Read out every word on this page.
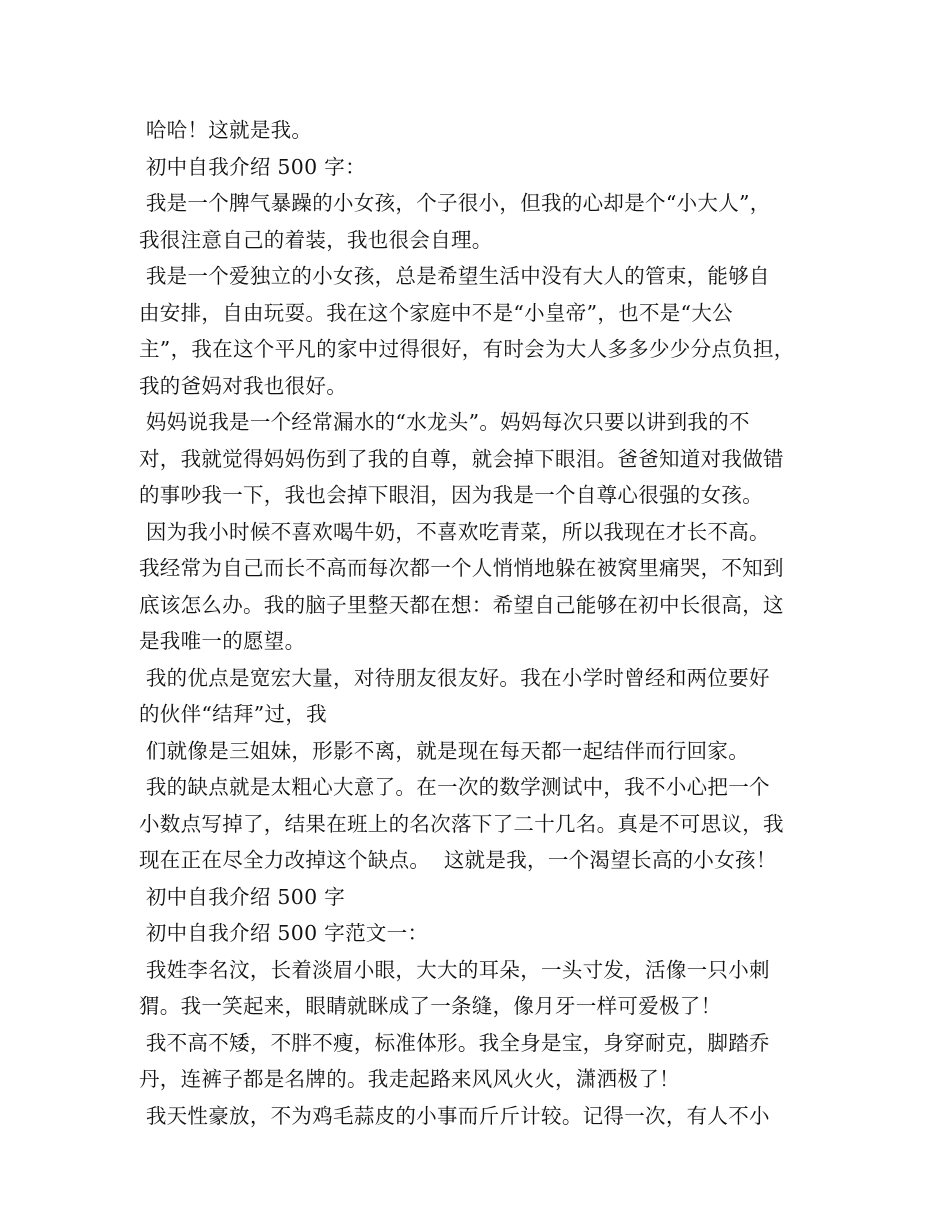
哈哈！这就是我。
初中自我介绍 500 字：
我是一个脾气暴躁的小女孩，个子很小，但我的心却是个“小大人”，
我很注意自己的着装，我也很会自理。
我是一个爱独立的小女孩，总是希望生活中没有大人的管束，能够自
由安排，自由玩耍。我在这个家庭中不是“小皇帝”，也不是“大公
主”，我在这个平凡的家中过得很好，有时会为大人多多少少分点负担，
我的爸妈对我也很好。
妈妈说我是一个经常漏水的“水龙头”。妈妈每次只要以讲到我的不
对，我就觉得妈妈伤到了我的自尊，就会掉下眼泪。爸爸知道对我做错
的事吵我一下，我也会掉下眼泪，因为我是一个自尊心很强的女孩。
因为我小时候不喜欢喝牛奶，不喜欢吃青菜，所以我现在才长不高。
我经常为自己而长不高而每次都一个人悄悄地躲在被窝里痛哭，不知到
底该怎么办。我的脑子里整天都在想：希望自己能够在初中长很高，这
是我唯一的愿望。
我的优点是宽宏大量，对待朋友很友好。我在小学时曾经和两位要好
的伙伴“结拜”过，我
们就像是三姐妹，形影不离，就是现在每天都一起结伴而行回家。
我的缺点就是太粗心大意了。在一次的数学测试中，我不小心把一个
小数点写掉了，结果在班上的名次落下了二十几名。真是不可思议，我
现在正在尽全力改掉这个缺点。  这就是我，一个渴望长高的小女孩！
初中自我介绍 500 字
初中自我介绍 500 字范文一：
我姓李名汶，长着淡眉小眼，大大的耳朵，一头寸发，活像一只小刺
猬。我一笑起来，眼睛就眯成了一条缝，像月牙一样可爱极了！
我不高不矮，不胖不瘦，标准体形。我全身是宝，身穿耐克，脚踏乔
丹，连裤子都是名牌的。我走起路来风风火火，潇洒极了！
我天性豪放，不为鸡毛蒜皮的小事而斤斤计较。记得一次，有人不小
